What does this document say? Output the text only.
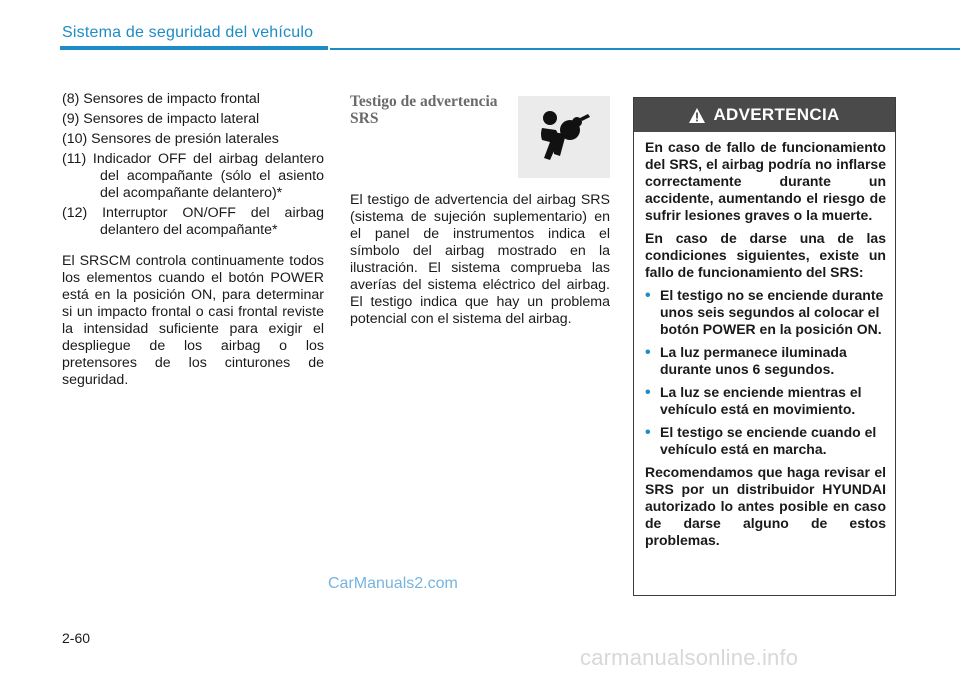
Sistema de seguridad del vehículo
(8) Sensores de impacto frontal
(9) Sensores de impacto lateral
(10) Sensores de presión laterales
(11) Indicador OFF del airbag delantero del acompañante (sólo el asiento del acompañante delantero)*
(12) Interruptor ON/OFF del airbag delantero del acompañante*
El SRSCM controla continuamente todos los elementos cuando el botón POWER está en la posición ON, para determinar si un impacto frontal o casi frontal reviste la intensidad suficiente para exigir el despliegue de los airbag o los pretensores de los cinturones de seguridad.
Testigo de advertencia SRS
El testigo de advertencia del airbag SRS (sistema de sujeción suplementario) en el panel de instrumentos indica el símbolo del airbag mostrado en la ilustración. El sistema comprueba las averías del sistema eléctrico del airbag. El testigo indica que hay un problema potencial con el sistema del airbag.
ADVERTENCIA

En caso de fallo de funcionamiento del SRS, el airbag podría no inflarse correctamente durante un accidente, aumentando el riesgo de sufrir lesiones graves o la muerte.

En caso de darse una de las condiciones siguientes, existe un fallo de funcionamiento del SRS:

• El testigo no se enciende durante unos seis segundos al colocar el botón POWER en la posición ON.
• La luz permanece iluminada durante unos 6 segundos.
• La luz se enciende mientras el vehículo está en movimiento.
• El testigo se enciende cuando el vehículo está en marcha.

Recomendamos que haga revisar el SRS por un distribuidor HYUNDAI autorizado lo antes posible en caso de darse alguno de estos problemas.

CarManuals2.com
2-60
carmanualsonline.info
